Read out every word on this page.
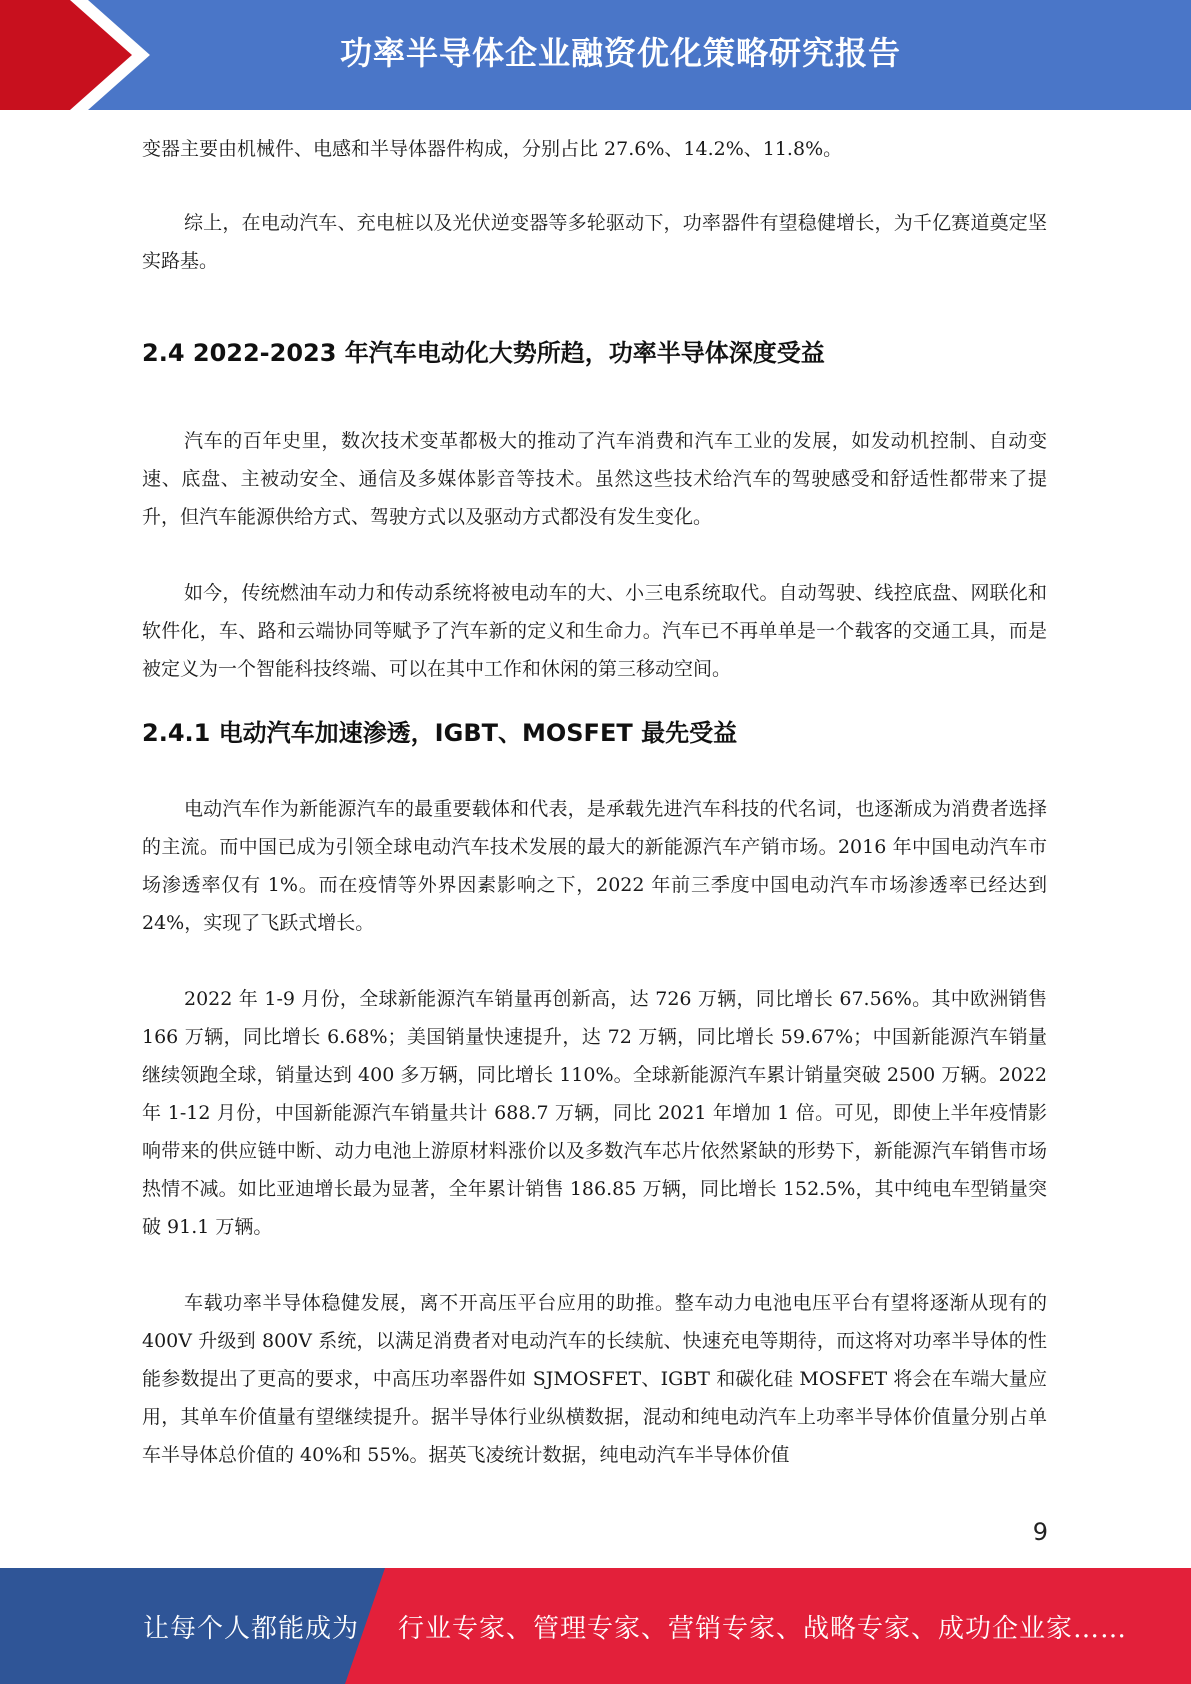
功率半导体企业融资优化策略研究报告

变器主要由机械件、电感和半导体器件构成，分别占比 27.6%、14.2%、11.8%。

综上，在电动汽车、充电桩以及光伏逆变器等多轮驱动下，功率器件有望稳健增长，为千亿赛道奠定坚实路基。

2.4 2022-2023 年汽车电动化大势所趋，功率半导体深度受益

汽车的百年史里，数次技术变革都极大的推动了汽车消费和汽车工业的发展，如发动机控制、自动变速、底盘、主被动安全、通信及多媒体影音等技术。虽然这些技术给汽车的驾驶感受和舒适性都带来了提升，但汽车能源供给方式、驾驶方式以及驱动方式都没有发生变化。

如今，传统燃油车动力和传动系统将被电动车的大、小三电系统取代。自动驾驶、线控底盘、网联化和软件化，车、路和云端协同等赋予了汽车新的定义和生命力。汽车已不再单单是一个载客的交通工具，而是被定义为一个智能科技终端、可以在其中工作和休闲的第三移动空间。

2.4.1 电动汽车加速渗透，IGBT、MOSFET 最先受益

电动汽车作为新能源汽车的最重要载体和代表，是承载先进汽车科技的代名词，也逐渐成为消费者选择的主流。而中国已成为引领全球电动汽车技术发展的最大的新能源汽车产销市场。2016 年中国电动汽车市场渗透率仅有 1%。而在疫情等外界因素影响之下，2022 年前三季度中国电动汽车市场渗透率已经达到 24%，实现了飞跃式增长。

2022 年 1-9 月份，全球新能源汽车销量再创新高，达 726 万辆，同比增长 67.56%。其中欧洲销售 166 万辆，同比增长 6.68%；美国销量快速提升，达 72 万辆，同比增长 59.67%；中国新能源汽车销量继续领跑全球，销量达到 400 多万辆，同比增长 110%。全球新能源汽车累计销量突破 2500 万辆。2022 年 1-12 月份，中国新能源汽车销量共计 688.7 万辆，同比 2021 年增加 1 倍。可见，即使上半年疫情影响带来的供应链中断、动力电池上游原材料涨价以及多数汽车芯片依然紧缺的形势下，新能源汽车销售市场热情不减。如比亚迪增长最为显著，全年累计销售 186.85 万辆，同比增长 152.5%，其中纯电车型销量突破 91.1 万辆。

车载功率半导体稳健发展，离不开高压平台应用的助推。整车动力电池电压平台有望将逐渐从现有的 400V 升级到 800V 系统，以满足消费者对电动汽车的长续航、快速充电等期待，而这将对功率半导体的性能参数提出了更高的要求，中高压功率器件如 SJMOSFET、IGBT 和碳化硅 MOSFET 将会在车端大量应用，其单车价值量有望继续提升。据半导体行业纵横数据，混动和纯电动汽车上功率半导体价值量分别占单车半导体总价值的 40%和 55%。据英飞凌统计数据，纯电动汽车半导体价值

9
让每个人都能成为 行业专家、管理专家、营销专家、战略专家、成功企业家……
